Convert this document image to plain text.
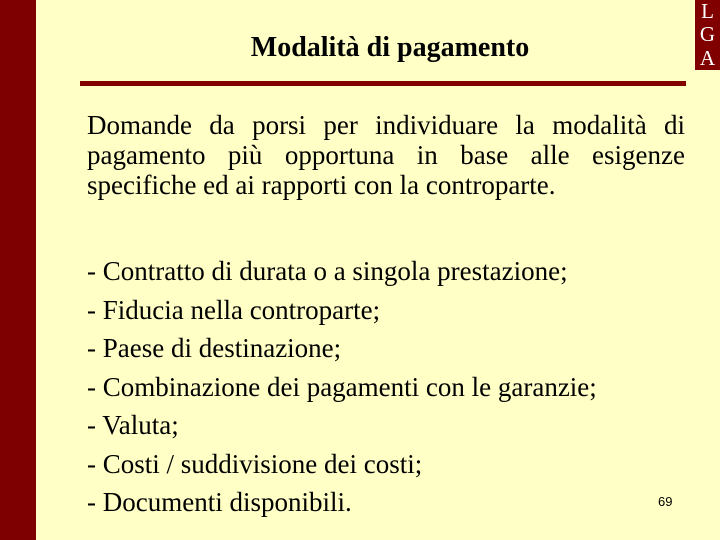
Modalità di pagamento
L
G
A
Domande da porsi per individuare la modalità di pagamento più opportuna in base alle esigenze specifiche ed ai rapporti con la controparte.
- Contratto di durata o a singola prestazione;
- Fiducia nella controparte;
- Paese di destinazione;
- Combinazione dei pagamenti con le garanzie;
- Valuta;
- Costi / suddivisione dei costi;
- Documenti disponibili.	69
